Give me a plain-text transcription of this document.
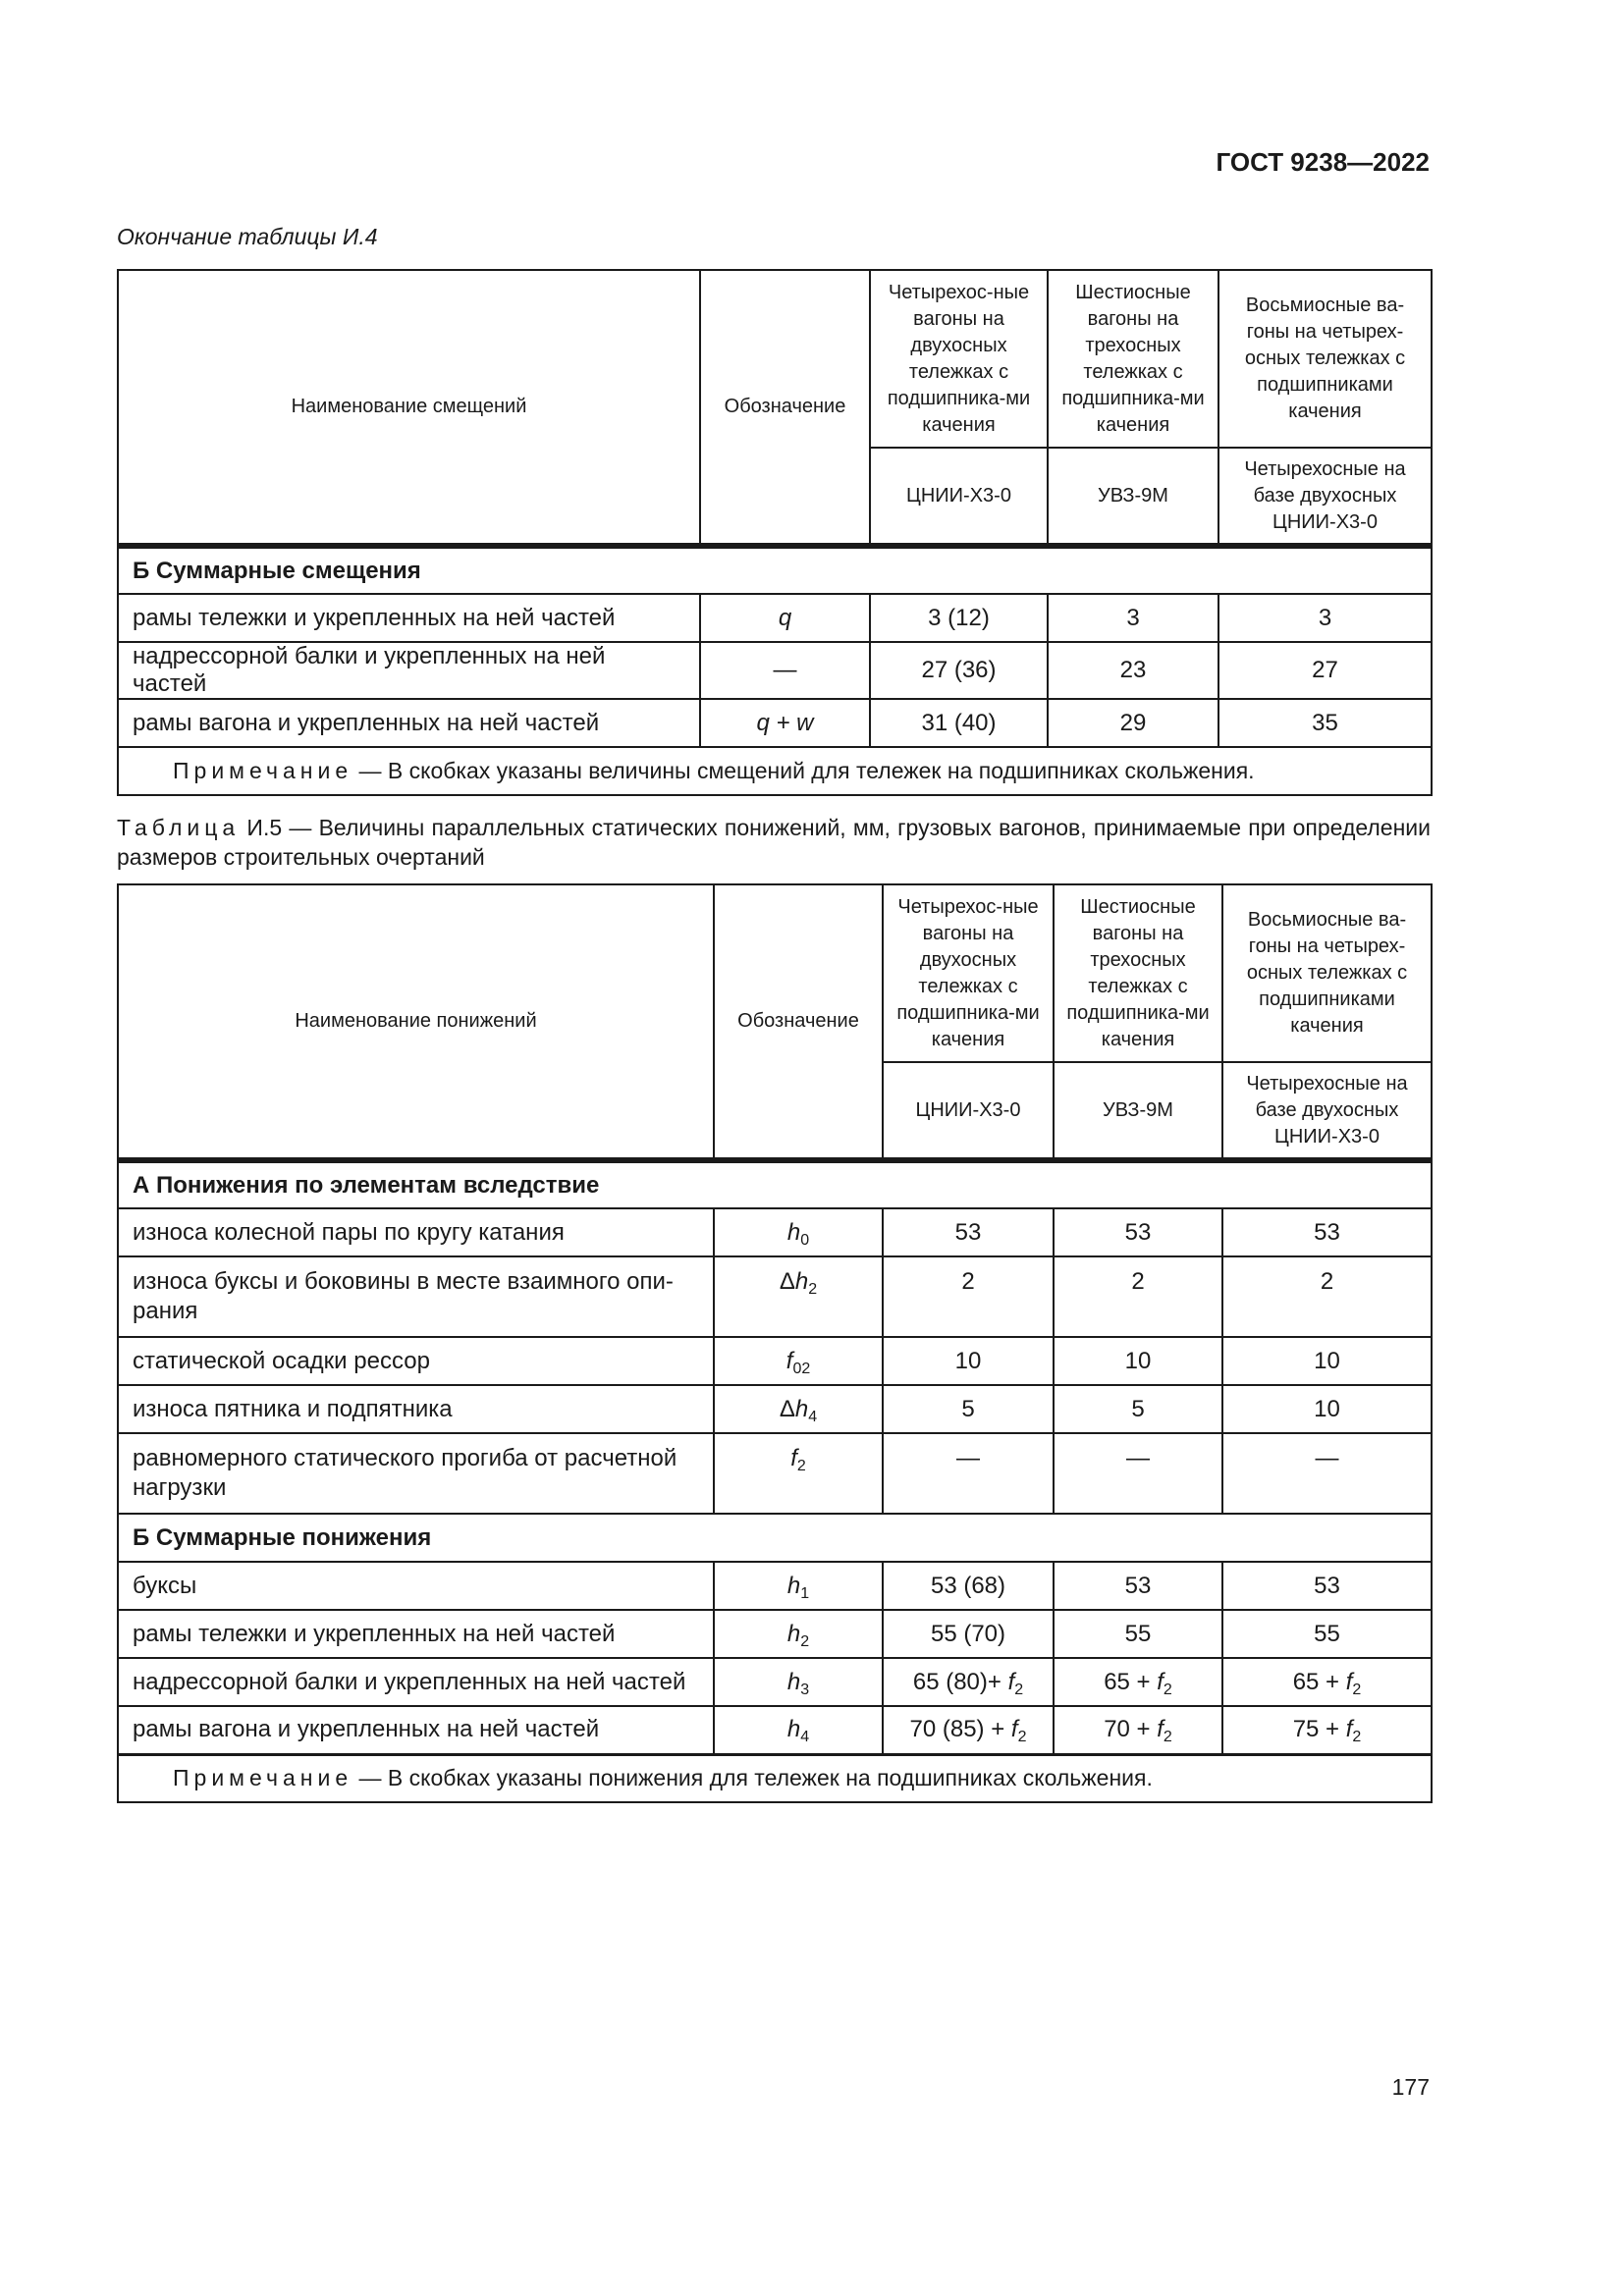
ГОСТ 9238—2022
Окончание таблицы И.4
Наименование смещений	Обозначение	Четырехос-ные вагоны на двухосных тележках с подшипника-ми качения	Шестиосные вагоны на трехосных тележках с подшипника-ми качения	Восьмиосные ва-гоны на четырех-осных тележках с подшипниками качения
		ЦНИИ-Х3-0	УВЗ-9М	Четырехосные на базе двухосных ЦНИИ-Х3-0
Б Суммарные смещения				
рамы тележки и укрепленных на ней частей	q	3 (12)	3	3
надрессорной балки и укрепленных на ней частей	—	27 (36)	23	27
рамы вагона и укрепленных на ней частей	q + w	31 (40)	29	35
Примечание — В скобках указаны величины смещений для тележек на подшипниках скольжения.				
Таблица И.5 — Величины параллельных статических понижений, мм, грузовых вагонов, принимаемые при определении размеров строительных очертаний
Наименование понижений	Обозначение	Четырехос-ные вагоны на двухосных тележках с подшипника-ми качения	Шестиосные вагоны на трехосных тележках с подшипника-ми качения	Восьмиосные ва-гоны на четырех-осных тележках с подшипниками качения
		ЦНИИ-Х3-0	УВЗ-9М	Четырехосные на базе двухосных ЦНИИ-Х3-0
А Понижения по элементам вследствие				
износа колесной пары по кругу катания	$h_0$	53	53	53
износа буксы и боковины в месте взаимного опи-рания	$\Delta h_2$	2	2	2
статической осадки рессор	$f_{02}$	10	10	10
износа пятника и подпятника	$\Delta h_4$	5	5	10
равномерного статического прогиба от расчетной нагрузки	$f_2$	—	—	—
Б Суммарные понижения				
буксы	$h_1$	53 (68)	53	53
рамы тележки и укрепленных на ней частей	$h_2$	55 (70)	55	55
надрессорной балки и укрепленных на ней частей	$h_3$	65 $(80)+ f_2$	$65 + f_2$	$65 + f_2$
рамы вагона и укрепленных на ней частей	$h_4$	70 $(85) + f_2$	$70 + f_2$	$75 + f_2$
Примечание — В скобках указаны понижения для тележек на подшипниках скольжения.				
177
